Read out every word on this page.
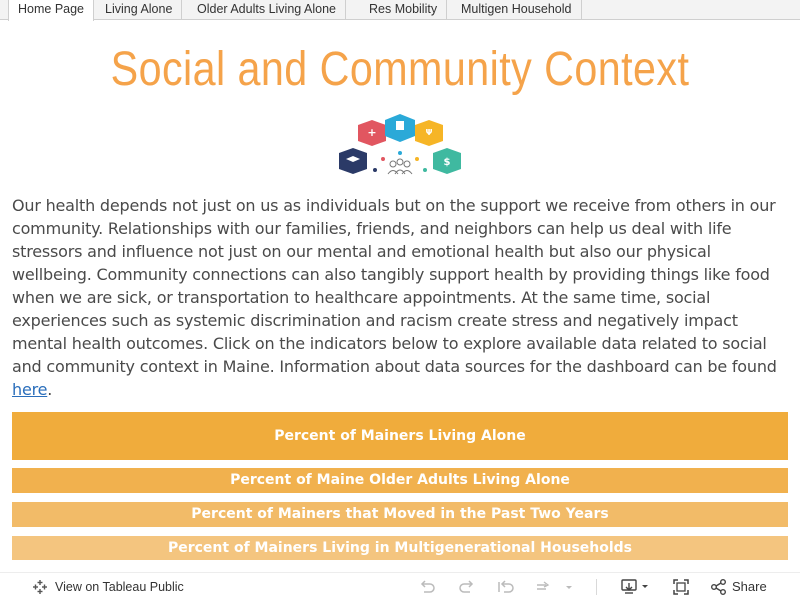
Home Page	Living Alone	Older Adults Living Alone	Res Mobility	Multigen Household
Social and Community Context
+	Ψ
$
Our health depends not just on us as individuals but on the support we receive from others in our community. Relationships with our families, friends, and neighbors can help us deal with life stressors and influence not just on our mental and emotional health but also our physical wellbeing. Community connections can also tangibly support health by providing things like food when we are sick, or transportation to healthcare appointments. At the same time, social experiences such as systemic discrimination and racism create stress and negatively impact mental health outcomes. Click on the indicators below to explore available data related to social and community context in Maine. Information about data sources for the dashboard can be found here.
Percent of Mainers Living Alone
Percent of Maine Older Adults Living Alone
Percent of Mainers that Moved in the Past Two Years
Percent of Mainers Living in Multigenerational Households
View on Tableau Public	Share
